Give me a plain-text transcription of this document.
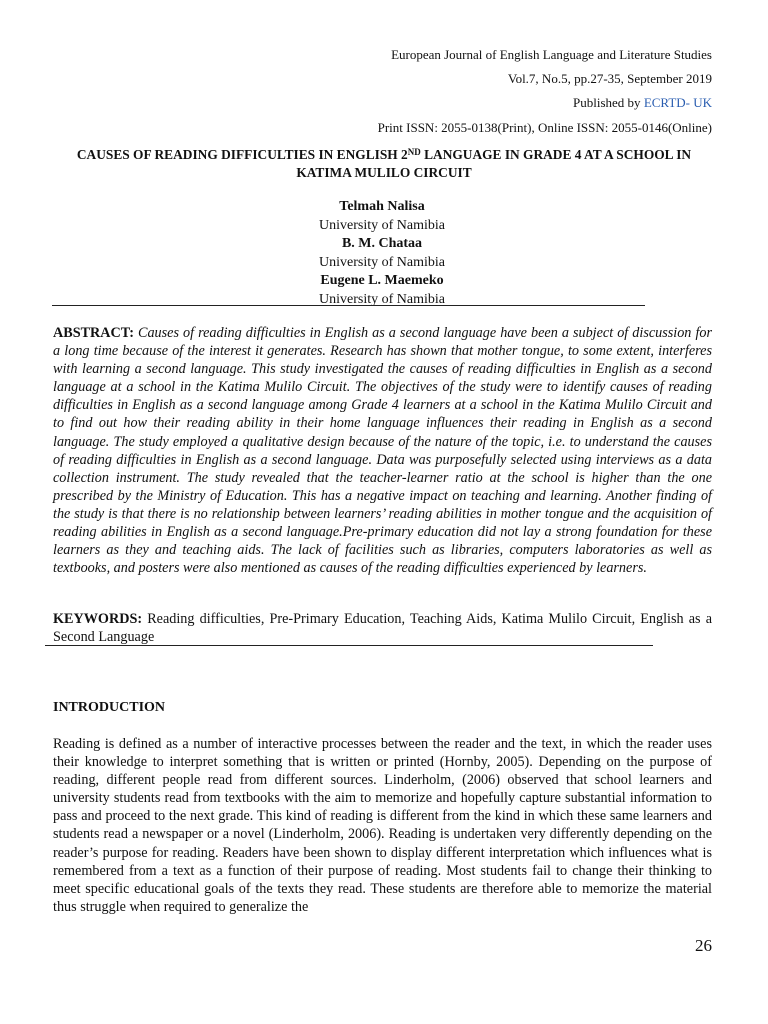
European Journal of English Language and Literature Studies
Vol.7, No.5, pp.27-35, September 2019
Published by ECRTD- UK
Print ISSN: 2055-0138(Print), Online ISSN: 2055-0146(Online)
CAUSES OF READING DIFFICULTIES IN ENGLISH 2ND LANGUAGE IN GRADE 4 AT A SCHOOL IN KATIMA MULILO CIRCUIT
Telmah Nalisa
University of Namibia
B. M. Chataa
University of Namibia
Eugene L. Maemeko
University of Namibia
ABSTRACT: Causes of reading difficulties in English as a second language have been a subject of discussion for a long time because of the interest it generates. Research has shown that mother tongue, to some extent, interferes with learning a second language. This study investigated the causes of reading difficulties in English as a second language at a school in the Katima Mulilo Circuit. The objectives of the study were to identify causes of reading difficulties in English as a second language among Grade 4 learners at a school in the Katima Mulilo Circuit and to find out how their reading ability in their home language influences their reading in English as a second language. The study employed a qualitative design because of the nature of the topic, i.e. to understand the causes of reading difficulties in English as a second language. Data was purposefully selected using interviews as a data collection instrument. The study revealed that the teacher-learner ratio at the school is higher than the one prescribed by the Ministry of Education. This has a negative impact on teaching and learning. Another finding of the study is that there is no relationship between learners’ reading abilities in mother tongue and the acquisition of reading abilities in English as a second language.Pre-primary education did not lay a strong foundation for these learners as they and teaching aids. The lack of facilities such as libraries, computers laboratories as well as textbooks, and posters were also mentioned as causes of the reading difficulties experienced by learners.
KEYWORDS: Reading difficulties, Pre-Primary Education, Teaching Aids, Katima Mulilo Circuit, English as a Second Language
INTRODUCTION
Reading is defined as a number of interactive processes between the reader and the text, in which the reader uses their knowledge to interpret something that is written or printed (Hornby, 2005). Depending on the purpose of reading, different people read from different sources. Linderholm, (2006) observed that school learners and university students read from textbooks with the aim to memorize and hopefully capture substantial information to pass and proceed to the next grade. This kind of reading is different from the kind in which these same learners and students read a newspaper or a novel (Linderholm, 2006). Reading is undertaken very differently depending on the reader’s purpose for reading. Readers have been shown to display different interpretation which influences what is remembered from a text as a function of their purpose of reading. Most students fail to change their thinking to meet specific educational goals of the texts they read. These students are therefore able to memorize the material thus struggle when required to generalize the
26
